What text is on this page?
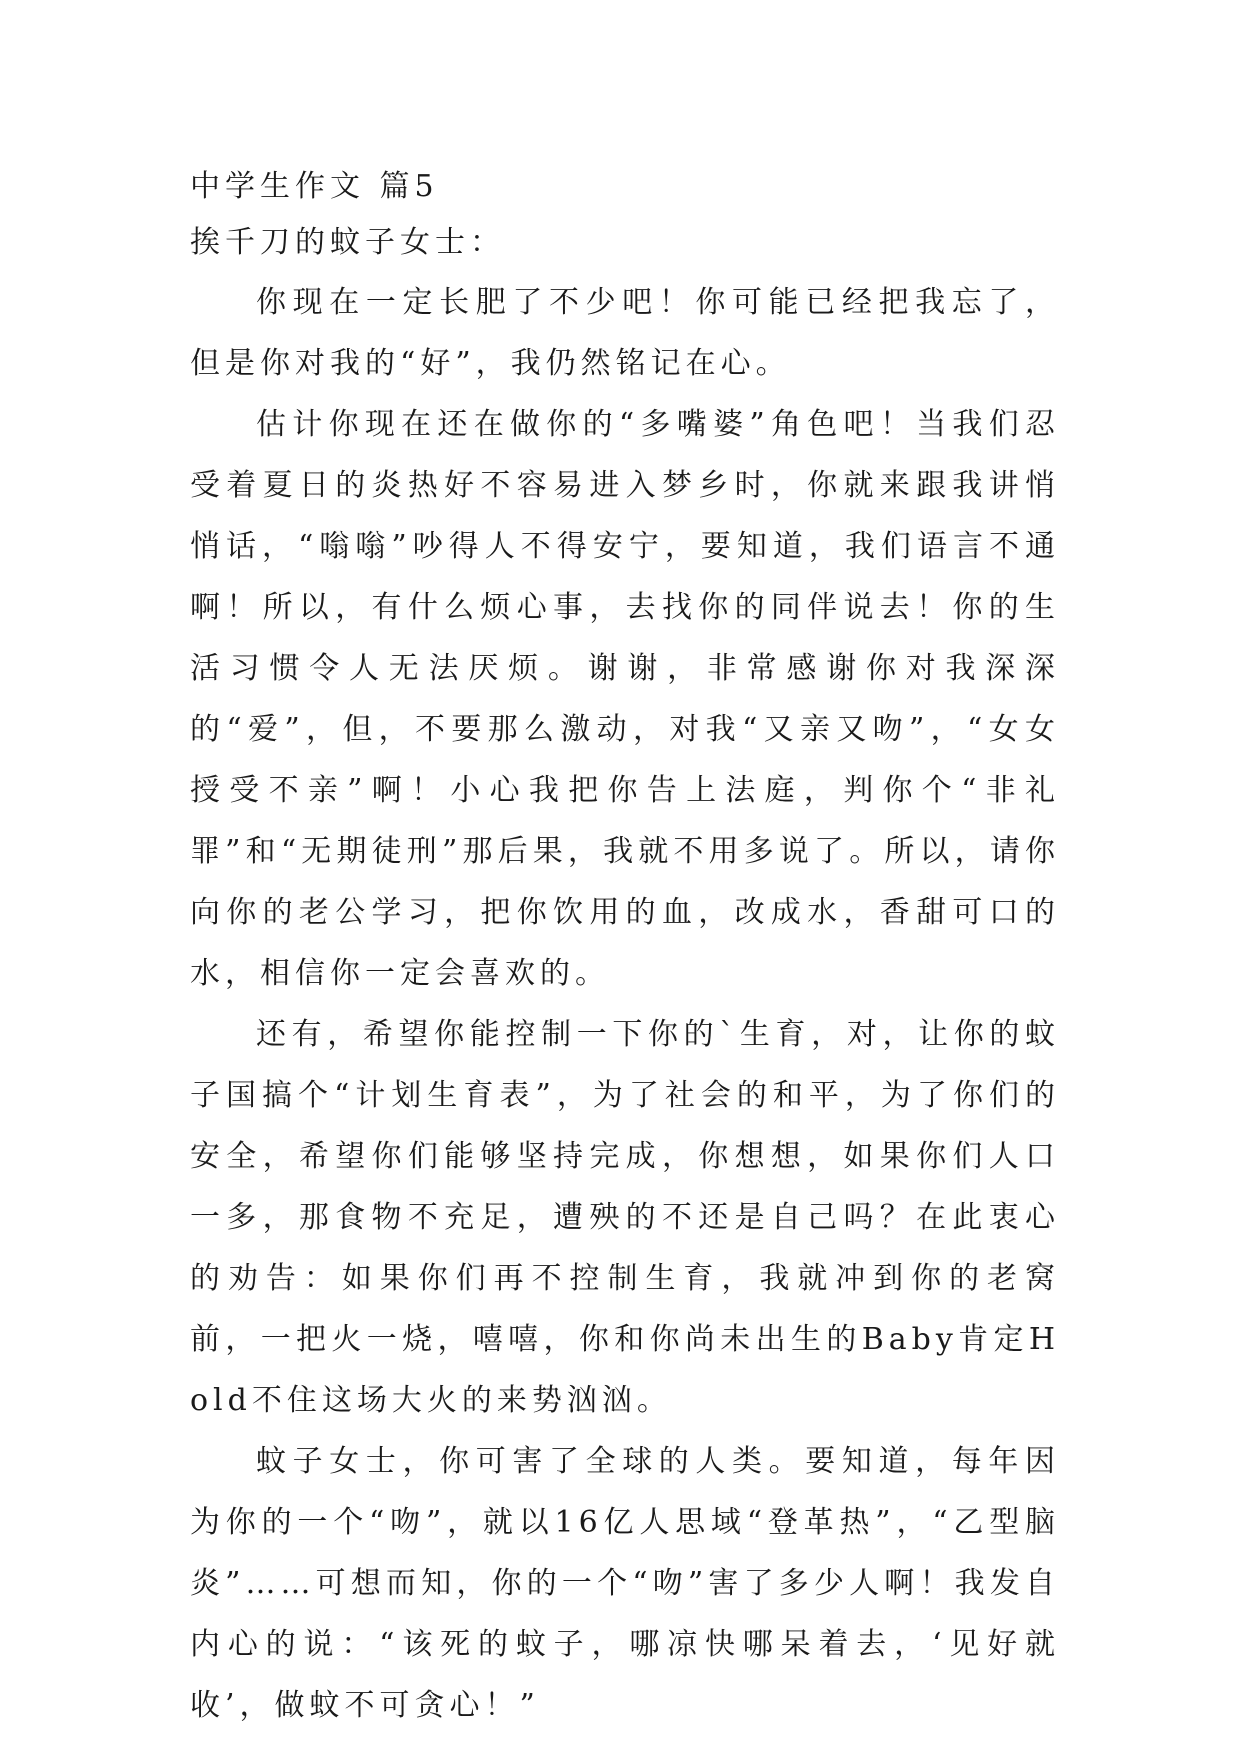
中学生作文 篇5
挨千刀的蚊子女士：

你现在一定长肥了不少吧！你可能已经把我忘了，但是你对我的“好”，我仍然铭记在心。

估计你现在还在做你的“多嘴婆”角色吧！当我们忍受着夏日的炎热好不容易进入梦乡时，你就来跟我讲悄悄话，“嗡嗡”吵得人不得安宁，要知道，我们语言不通啊！所以，有什么烦心事，去找你的同伴说去！你的生活习惯令人无法厌烦。谢谢，非常感谢你对我深深的“爱”，但，不要那么激动，对我“又亲又吻”，“女女授受不亲”啊！小心我把你告上法庭，判你个“非礼罪”和“无期徒刑”那后果，我就不用多说了。所以，请你向你的老公学习，把你饮用的血，改成水，香甜可口的水，相信你一定会喜欢的。

还有，希望你能控制一下你的`生育，对，让你的蚊子国搞个“计划生育表”，为了社会的和平，为了你们的安全，希望你们能够坚持完成，你想想，如果你们人口一多，那食物不充足，遭殃的不还是自己吗？在此衷心的劝告：如果你们再不控制生育，我就冲到你的老窝前，一把火一烧，嘻嘻，你和你尚未出生的Baby肯定Hold不住这场大火的来势汹汹。

蚊子女士，你可害了全球的人类。要知道，每年因为你的一个“吻”，就以16亿人思域“登革热”，“乙型脑炎”……可想而知，你的一个“吻”害了多少人啊！我发自内心的说：“该死的蚊子，哪凉快哪呆着去，‘见好就收’，做蚊不可贪心！”
